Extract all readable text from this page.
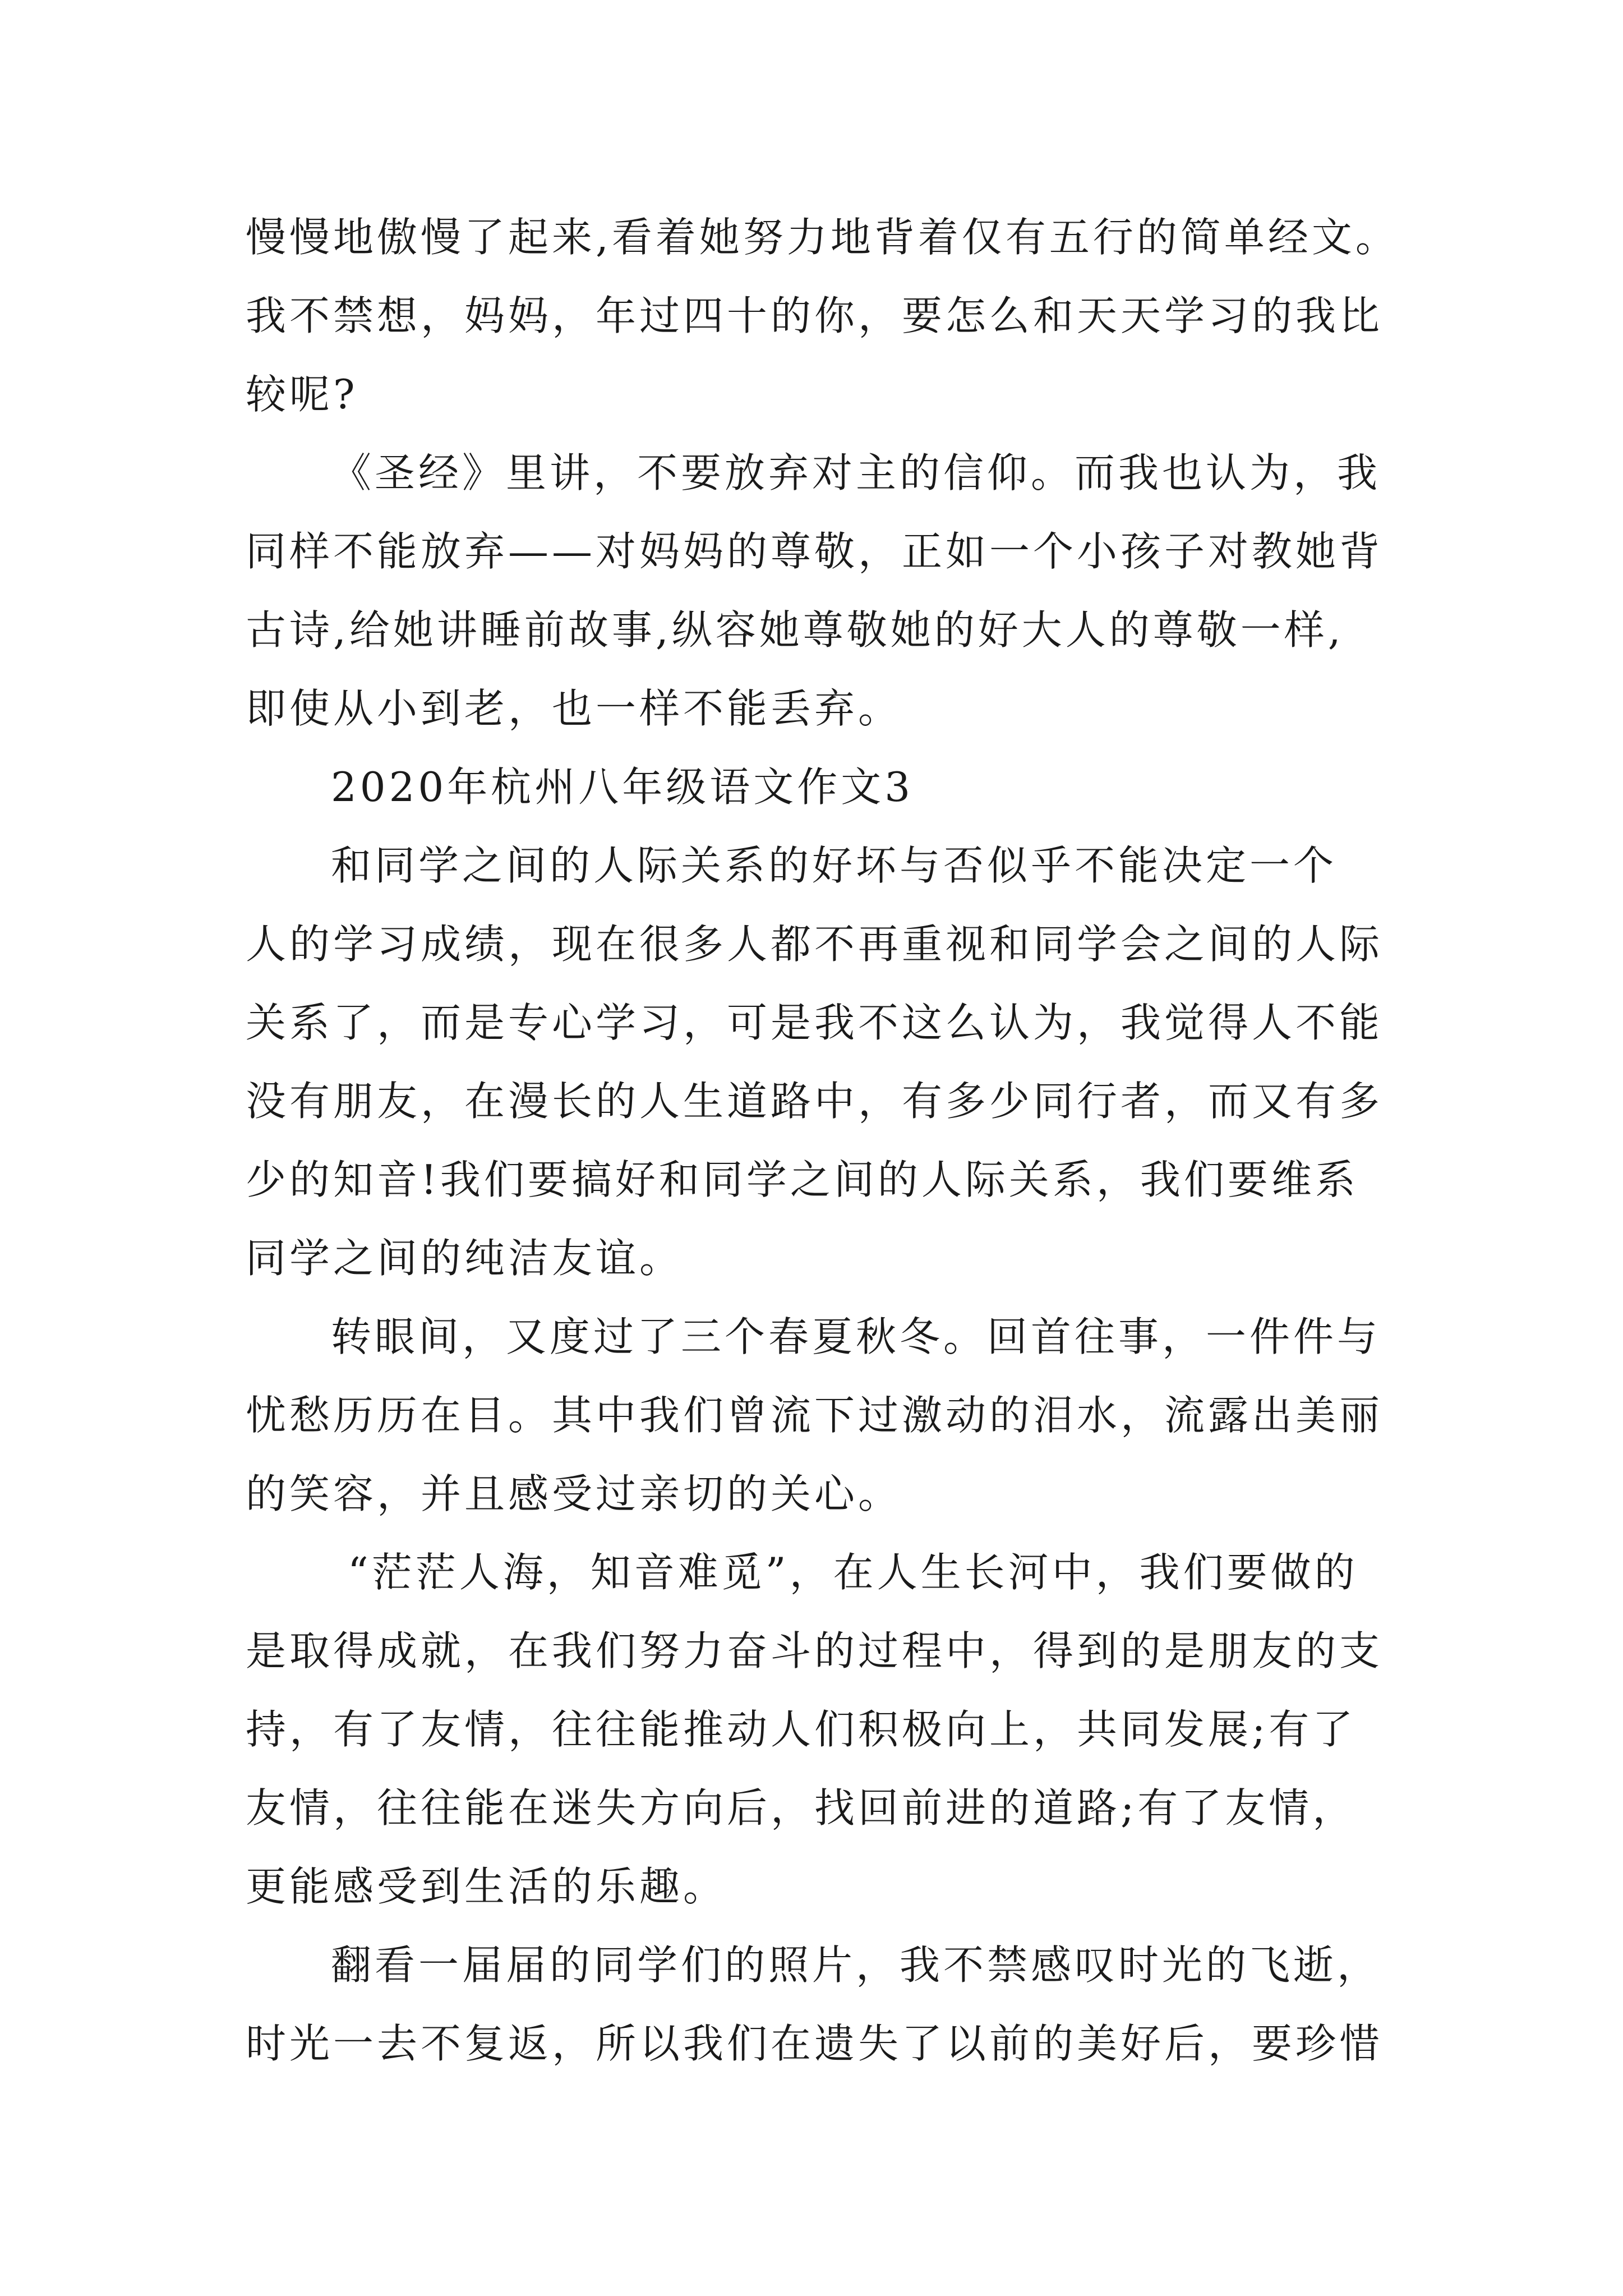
慢慢地傲慢了起来,看着她努力地背着仅有五行的简单经文。

我不禁想，妈妈，年过四十的你，要怎么和天天学习的我比

较呢?

《圣经》里讲，不要放弃对主的信仰。而我也认为，我

同样不能放弃——对妈妈的尊敬，正如一个小孩子对教她背

古诗,给她讲睡前故事,纵容她尊敬她的好大人的尊敬一样,

即使从小到老，也一样不能丢弃。

2020年杭州八年级语文作文3

和同学之间的人际关系的好坏与否似乎不能决定一个

人的学习成绩，现在很多人都不再重视和同学会之间的人际

关系了，而是专心学习，可是我不这么认为，我觉得人不能

没有朋友，在漫长的人生道路中，有多少同行者，而又有多

少的知音!我们要搞好和同学之间的人际关系，我们要维系

同学之间的纯洁友谊。

转眼间，又度过了三个春夏秋冬。回首往事，一件件与

忧愁历历在目。其中我们曾流下过激动的泪水，流露出美丽

的笑容，并且感受过亲切的关心。

“茫茫人海，知音难觅”，在人生长河中，我们要做的

是取得成就，在我们努力奋斗的过程中，得到的是朋友的支

持，有了友情，往往能推动人们积极向上，共同发展;有了

友情，往往能在迷失方向后，找回前进的道路;有了友情，

更能感受到生活的乐趣。

翻看一届届的同学们的照片，我不禁感叹时光的飞逝，

时光一去不复返，所以我们在遗失了以前的美好后，要珍惜
